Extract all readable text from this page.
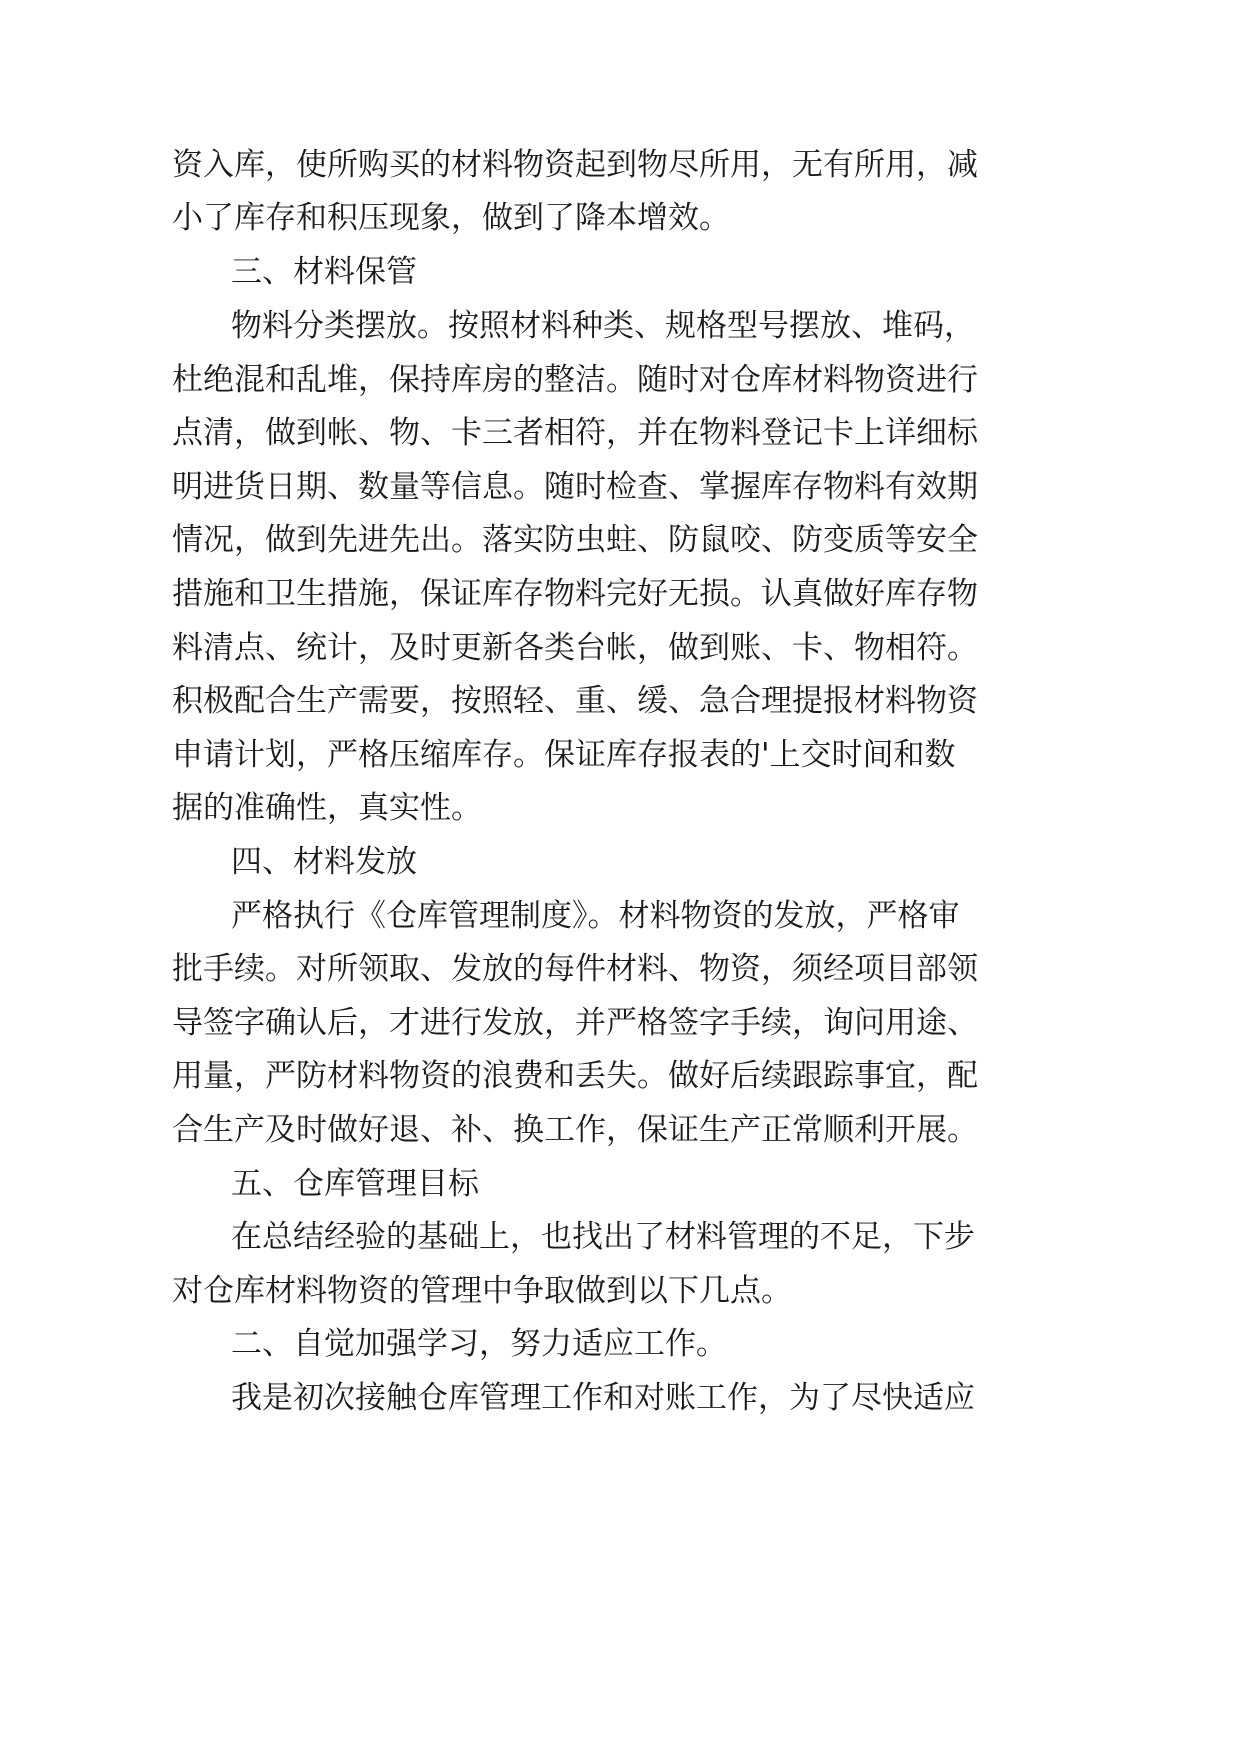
资入库，使所购买的材料物资起到物尽所用，无有所用，减
小了库存和积压现象，做到了降本增效。
三、材料保管
物料分类摆放。按照材料种类、规格型号摆放、堆码，
杜绝混和乱堆，保持库房的整洁。随时对仓库材料物资进行
点清，做到帐、物、卡三者相符，并在物料登记卡上详细标
明进货日期、数量等信息。随时检查、掌握库存物料有效期
情况，做到先进先出。落实防虫蛀、防鼠咬、防变质等安全
措施和卫生措施，保证库存物料完好无损。认真做好库存物
料清点、统计，及时更新各类台帐，做到账、卡、物相符。
积极配合生产需要，按照轻、重、缓、急合理提报材料物资
申请计划，严格压缩库存。保证库存报表的'上交时间和数
据的准确性，真实性。
四、材料发放
严格执行《仓库管理制度》。材料物资的发放，严格审
批手续。对所领取、发放的每件材料、物资，须经项目部领
导签字确认后，才进行发放，并严格签字手续，询问用途、
用量，严防材料物资的浪费和丢失。做好后续跟踪事宜，配
合生产及时做好退、补、换工作，保证生产正常顺利开展。
五、仓库管理目标
在总结经验的基础上，也找出了材料管理的不足，下步
对仓库材料物资的管理中争取做到以下几点。
二、自觉加强学习，努力适应工作。
我是初次接触仓库管理工作和对账工作，为了尽快适应
